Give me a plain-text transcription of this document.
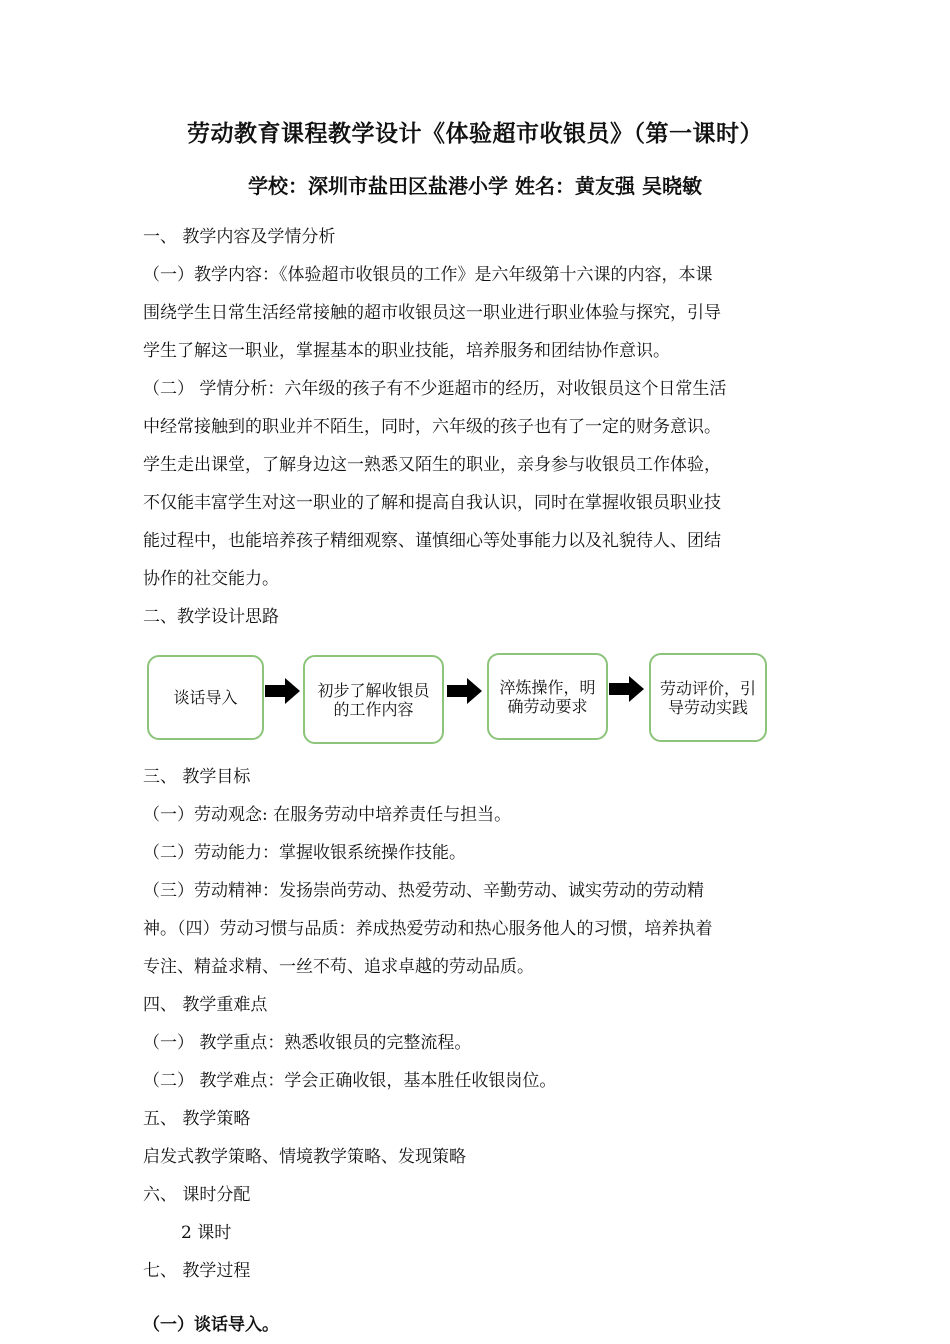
劳动教育课程教学设计《体验超市收银员》（第一课时）
学校：深圳市盐田区盐港小学 姓名：黄友强 吴晓敏
一、 教学内容及学情分析
（一）教学内容：《体验超市收银员的工作》是六年级第十六课的内容，本课
围绕学生日常生活经常接触的超市收银员这一职业进行职业体验与探究，引导
学生了解这一职业，掌握基本的职业技能，培养服务和团结协作意识。
（二） 学情分析：六年级的孩子有不少逛超市的经历，对收银员这个日常生活
中经常接触到的职业并不陌生，同时，六年级的孩子也有了一定的财务意识。
学生走出课堂，了解身边这一熟悉又陌生的职业，亲身参与收银员工作体验，
不仅能丰富学生对这一职业的了解和提高自我认识，同时在掌握收银员职业技
能过程中，也能培养孩子精细观察、谨慎细心等处事能力以及礼貌待人、团结
协作的社交能力。
二、教学设计思路
谈话导入	初步了解收银员的工作内容
淬炼操作，明确劳动要求
劳动评价，引导劳动实践
三、 教学目标
（一）劳动观念: 在服务劳动中培养责任与担当。
（二）劳动能力：掌握收银系统操作技能。
（三）劳动精神：发扬崇尚劳动、热爱劳动、辛勤劳动、诚实劳动的劳动精
神。（四）劳动习惯与品质：养成热爱劳动和热心服务他人的习惯，培养执着
专注、精益求精、一丝不苟、追求卓越的劳动品质。
四、 教学重难点
（一） 教学重点：熟悉收银员的完整流程。
（二） 教学难点：学会正确收银，基本胜任收银岗位。
五、 教学策略
启发式教学策略、情境教学策略、发现策略
六、 课时分配
2 课时
七、 教学过程
（一）谈话导入。
